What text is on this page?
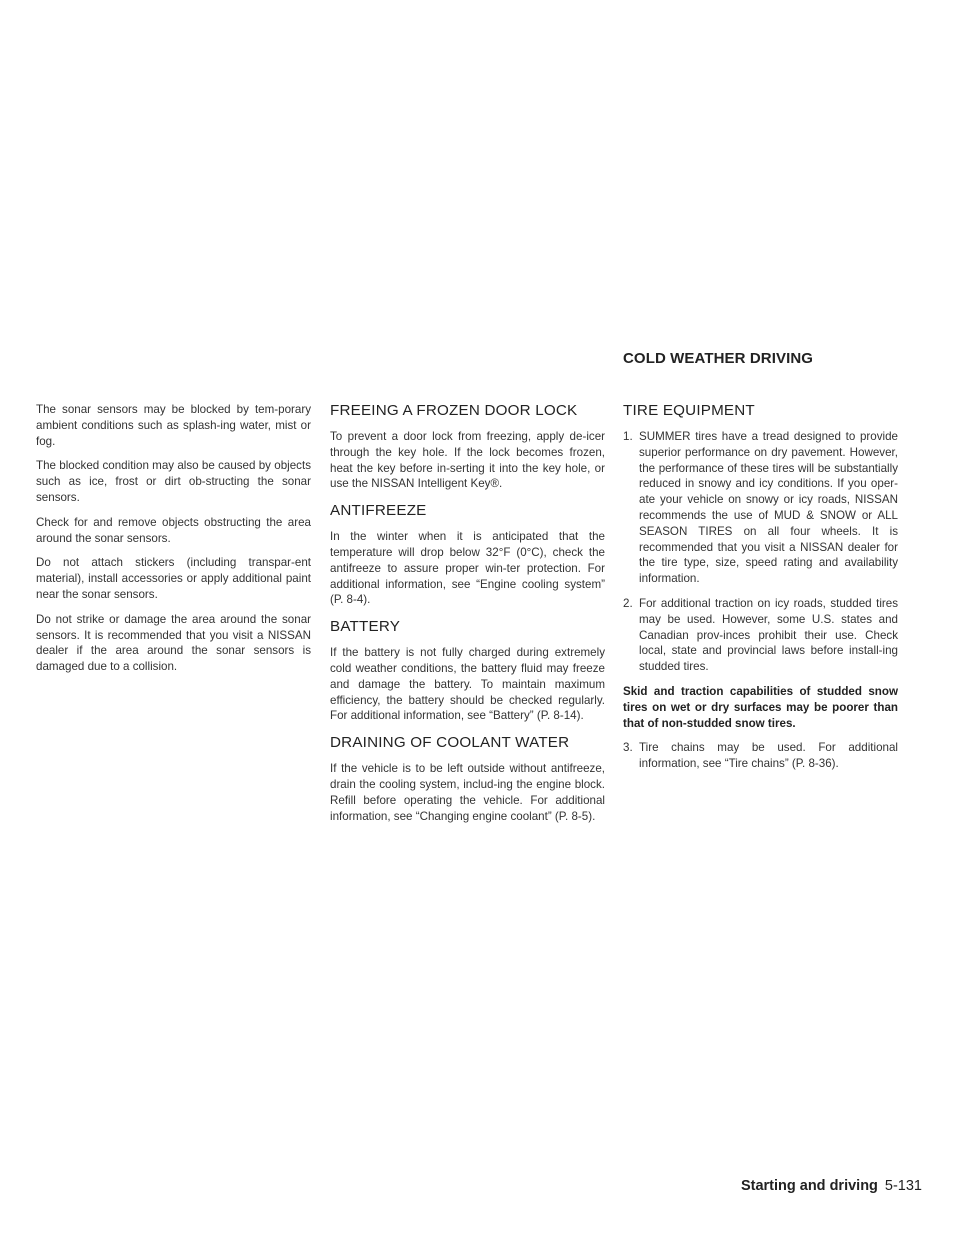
COLD WEATHER DRIVING

The sonar sensors may be blocked by tem-porary ambient conditions such as splash-ing water, mist or fog.

The blocked condition may also be caused by objects such as ice, frost or dirt ob-structing the sonar sensors.

Check for and remove objects obstructing the area around the sonar sensors.

Do not attach stickers (including transpar-ent material), install accessories or apply additional paint near the sonar sensors.

Do not strike or damage the area around the sonar sensors. It is recommended that you visit a NISSAN dealer if the area around the sonar sensors is damaged due to a collision.

FREEING A FROZEN DOOR LOCK

To prevent a door lock from freezing, apply de-icer through the key hole. If the lock becomes frozen, heat the key before in-serting it into the key hole, or use the NISSAN Intelligent Key®.

ANTIFREEZE

In the winter when it is anticipated that the temperature will drop below 32°F (0°C), check the antifreeze to assure proper win-ter protection. For additional information, see “Engine cooling system” (P. 8-4).

BATTERY

If the battery is not fully charged during extremely cold weather conditions, the battery fluid may freeze and damage the battery. To maintain maximum efficiency, the battery should be checked regularly. For additional information, see “Battery” (P. 8-14).

DRAINING OF COOLANT WATER

If the vehicle is to be left outside without antifreeze, drain the cooling system, includ-ing the engine block. Refill before operating the vehicle. For additional information, see “Changing engine coolant” (P. 8-5).

TIRE EQUIPMENT
1. SUMMER tires have a tread designed to provide superior performance on dry pavement. However, the performance of these tires will be substantially reduced in snowy and icy conditions. If you oper-ate your vehicle on snowy or icy roads, NISSAN recommends the use of MUD & SNOW or ALL SEASON TIRES on all four wheels. It is recommended that you visit a NISSAN dealer for the tire type, size, speed rating and availability information.
2. For additional traction on icy roads, studded tires may be used. However, some U.S. states and Canadian prov-inces prohibit their use. Check local, state and provincial laws before install-ing studded tires.

Skid and traction capabilities of studded snow tires on wet or dry surfaces may be poorer than that of non-studded snow tires.

3. Tire chains may be used. For additional information, see “Tire chains” (P. 8-36).
Starting and driving 5-131
